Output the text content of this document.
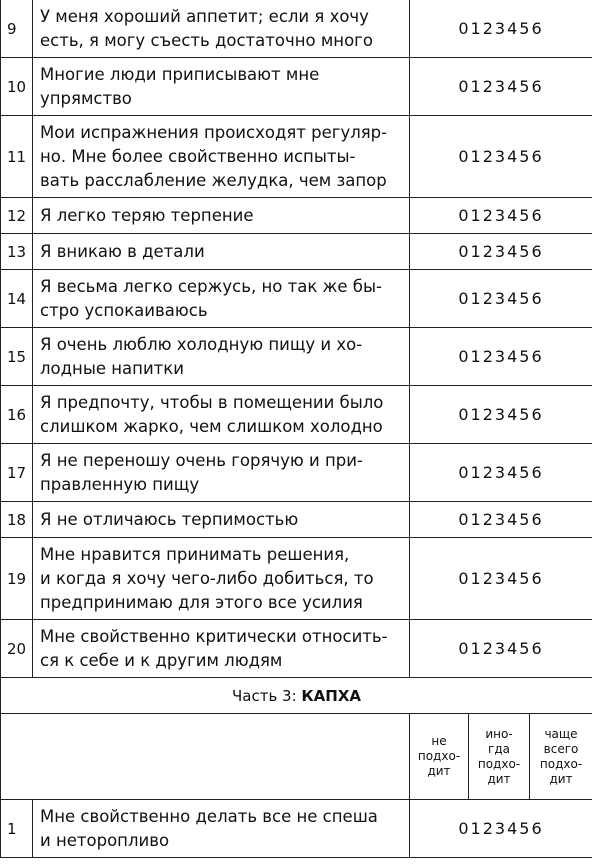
9	У меня хороший аппетит; если я хочу
есть, я могу съесть достаточно много	0123456		
10	Многие люди приписывают мне
упрямство	0123456		
11	Мои испражнения происходят регуляр-
но. Мне более свойственно испыты-
вать расслабление желудка, чем запор	0123456		
12	Я легко теряю терпение	0123456		
13	Я вникаю в детали	0123456		
14	Я весьма легко сержусь, но так же бы-
стро успокаиваюсь	0123456		
15	Я очень люблю холодную пищу и хо-
лодные напитки	0123456		
16	Я предпочту, чтобы в помещении было
слишком жарко, чем слишком холодно	0123456		
17	Я не переношу очень горячую и при-
правленную пищу	0123456		
18	Я не отличаюсь терпимостью	0123456		
19	Мне нравится принимать решения,
и когда я хочу чего-либо добиться, то
предпринимаю для этого все усилия	0123456		
20	Мне свойственно критически относить-
ся к себе и к другим людям	0123456		
Часть 3: КАПХА				

		не
подхо-
дит	ино-
гда
подхо-
дит	чаще
всего
подхо-
дит

1	Мне свойственно делать все не спеша
и неторопливо	0123456		
